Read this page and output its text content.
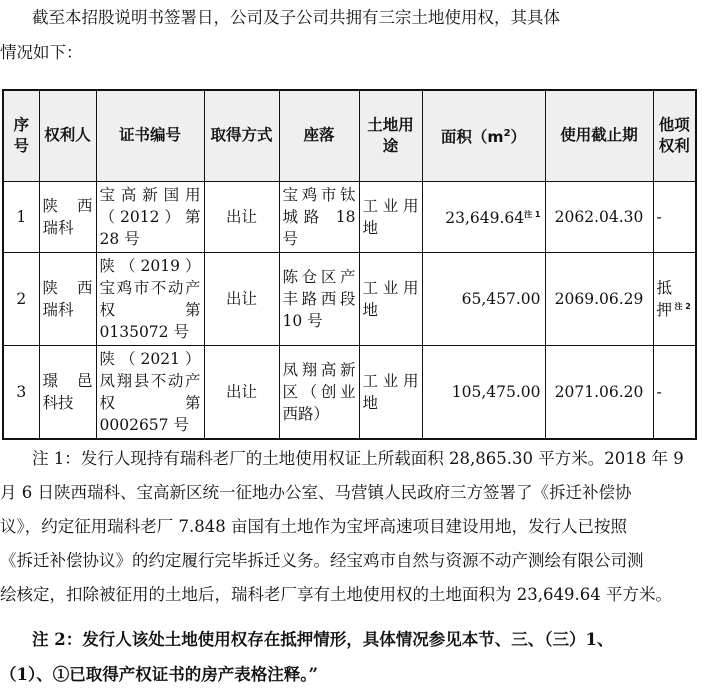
截至本招股说明书签署日，公司及子公司共拥有三宗土地使用权，其具体
情况如下：
序号	权利人	证书编号	取得方式	座落	土地用途	面积$(m^2)$	使用截止期	他项权利
1	陕 西 瑞科	宝高新国用（2012）第 28 号	出让	宝鸡市钛城路 18 号	工业用地	23,649.64$^{注 1}$	2062.04.30	-
2	陕 西 瑞科	陕（2019）宝鸡市不动产 权 第 0135072 号	出让	陈仓区产丰路西段 10 号	工业用地	65,457.00	2069.06.29	抵押 $^{注 2}$
3	璟 邑 科技	陕（2021）凤翔县不动产 权 第 0002657 号	出让	凤翔高新区（创业西路）	工业用地	105,475.00	2071.06.20	-
注 1：发行人现持有瑞科老厂的土地使用权证上所载面积 28,865.30 平方米。2018 年 9
月 6 日陕西瑞科、宝高新区统一征地办公室、马营镇人民政府三方签署了《拆迁补偿协
议》，约定征用瑞科老厂 7.848 亩国有土地作为宝坪高速项目建设用地，发行人已按照
《拆迁补偿协议》的约定履行完毕拆迁义务。经宝鸡市自然与资源不动产测绘有限公司测
绘核定，扣除被征用的土地后，瑞科老厂享有土地使用权的土地面积为 23,649.64 平方米。
注 2：发行人该处土地使用权存在抵押情形，具体情况参见本节、三、（三）1、
（1）、①已取得产权证书的房产表格注释。”
